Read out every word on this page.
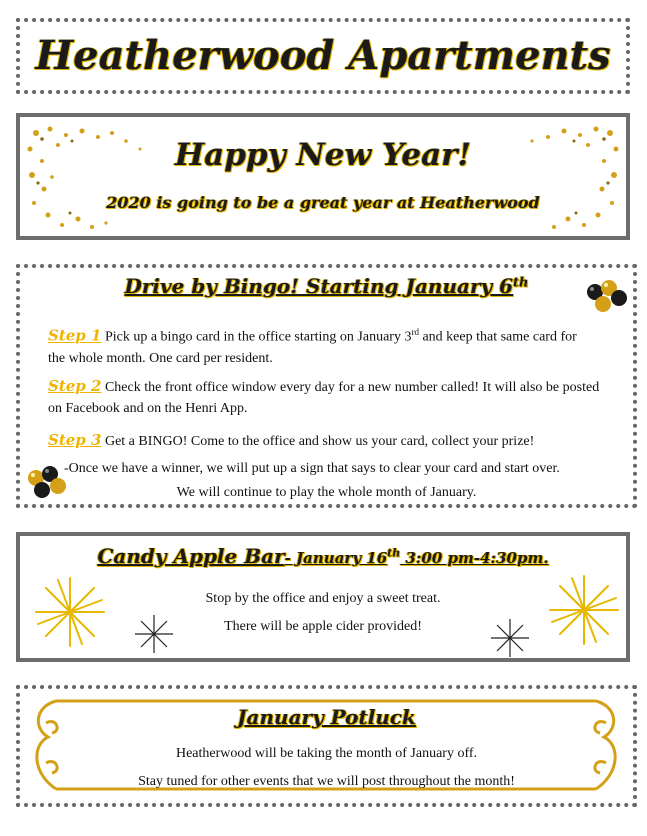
Heatherwood Apartments
Happy New Year!
2020 is going to be a great year at Heatherwood
Drive by Bingo! Starting January 6th
Step 1 Pick up a bingo card in the office starting on January 3rd and keep that same card for the whole month. One card per resident.
Step 2 Check the front office window every day for a new number called! It will also be posted on Facebook and on the Henri App.
Step 3 Get a BINGO! Come to the office and show us your card, collect your prize!
-Once we have a winner, we will put up a sign that says to clear your card and start over.
We will continue to play the whole month of January.
Candy Apple Bar- January 16th 3:00 pm-4:30pm.
Stop by the office and enjoy a sweet treat.
There will be apple cider provided!
January Potluck
Heatherwood will be taking the month of January off.
Stay tuned for other events that we will post throughout the month!
